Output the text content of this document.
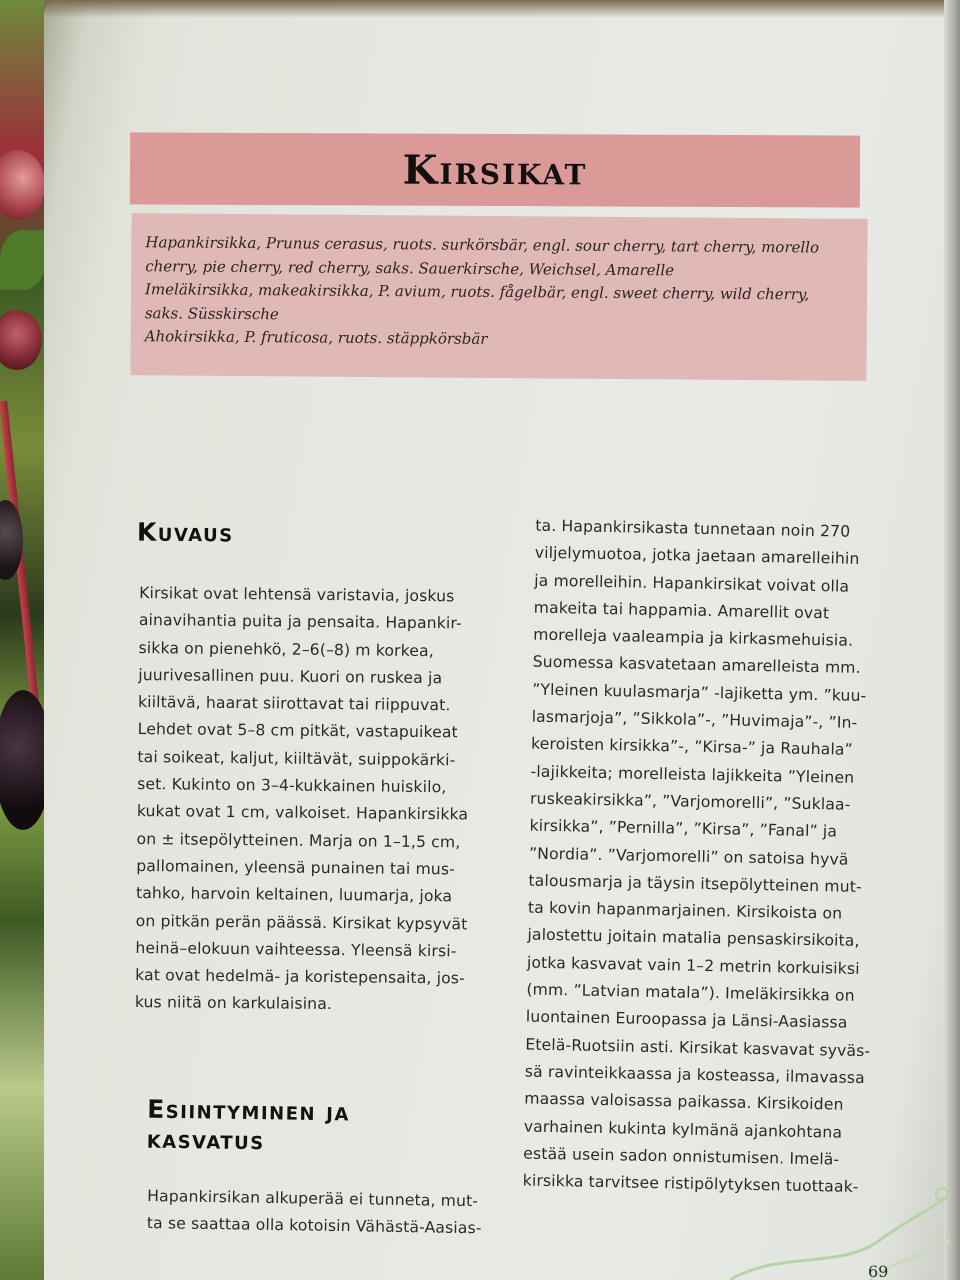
Kirsikat
Hapankirsikka, Prunus cerasus, ruots. surkörsbär, engl. sour cherry, tart cherry, morello
cherry, pie cherry, red cherry, saks. Sauerkirsche, Weichsel, Amarelle
Imeläkirsikka, makeakirsikka, P. avium, ruots. fågelbär, engl. sweet cherry, wild cherry,
saks. Süsskirsche
Ahokirsikka, P. fruticosa, ruots. stäppkörsbär
Kuvaus
Kirsikat ovat lehtensä varistavia, joskus
ainavihantia puita ja pensaita. Hapankir-
sikka on pienehkö, 2–6(–8) m korkea,
juurivesallinen puu. Kuori on ruskea ja
kiiltävä, haarat siirottavat tai riippuvat.
Lehdet ovat 5–8 cm pitkät, vastapuikeat
tai soikeat, kaljut, kiiltävät, suippokärki-
set. Kukinto on 3–4-kukkainen huiskilo,
kukat ovat 1 cm, valkoiset. Hapankirsikka
on ± itsepölytteinen. Marja on 1–1,5 cm,
pallomainen, yleensä punainen tai mus-
tahko, harvoin keltainen, luumarja, joka
on pitkän perän päässä. Kirsikat kypsyvät
heinä–elokuun vaihteessa. Yleensä kirsi-
kat ovat hedelmä- ja koristepensaita, jos-
kus niitä on karkulaisina.
Esiintyminen ja
kasvatus
Hapankirsikan alkuperää ei tunneta, mut-
ta se saattaa olla kotoisin Vähästä-Aasias-
ta. Hapankirsikasta tunnetaan noin 270
viljelymuotoa, jotka jaetaan amarelleihin
ja morelleihin. Hapankirsikat voivat olla
makeita tai happamia. Amarellit ovat
morelleja vaaleampia ja kirkasmehuisia.
Suomessa kasvatetaan amarelleista mm.
”Yleinen kuulasmarja” -lajiketta ym. ”kuu-
lasmarjoja”, ”Sikkola”-, ”Huvimaja”-, ”In-
keroisten kirsikka”-, ”Kirsa-” ja Rauhala”
-lajikkeita; morelleista lajikkeita ”Yleinen
ruskeakirsikka”, ”Varjomorelli”, ”Suklaa-
kirsikka”, ”Pernilla”, ”Kirsa”, ”Fanal” ja
”Nordia”. ”Varjomorelli” on satoisa hyvä
talousmarja ja täysin itsepölytteinen mut-
ta kovin hapanmarjainen. Kirsikoista on
jalostettu joitain matalia pensaskirsikoita,
jotka kasvavat vain 1–2 metrin korkuisiksi
(mm. ”Latvian matala”). Imeläkirsikka on
luontainen Euroopassa ja Länsi-Aasiassa
Etelä-Ruotsiin asti. Kirsikat kasvavat syväs-
sä ravinteikkaassa ja kosteassa, ilmavassa
maassa valoisassa paikassa. Kirsikoiden
varhainen kukinta kylmänä ajankohtana
estää usein sadon onnistumisen. Imelä-
kirsikka tarvitsee ristipölytyksen tuottaak-
69
